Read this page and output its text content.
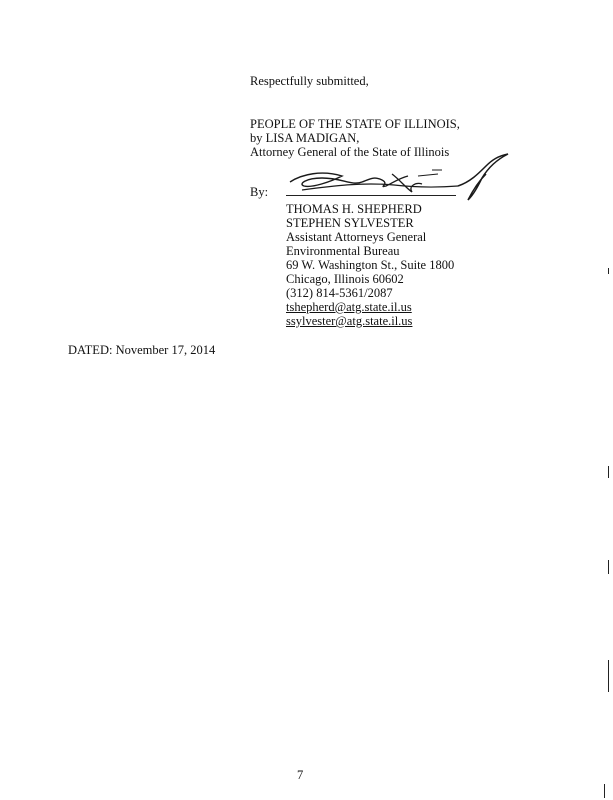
Respectfully submitted,
PEOPLE OF THE STATE OF ILLINOIS,
by LISA MADIGAN,
Attorney General of the State of Illinois
By:
THOMAS H. SHEPHERD
STEPHEN SYLVESTER
Assistant Attorneys General
Environmental Bureau
69 W. Washington St., Suite 1800
Chicago, Illinois 60602
(312) 814-5361/2087
tshepherd@atg.state.il.us
ssylvester@atg.state.il.us
DATED: November 17, 2014
7
